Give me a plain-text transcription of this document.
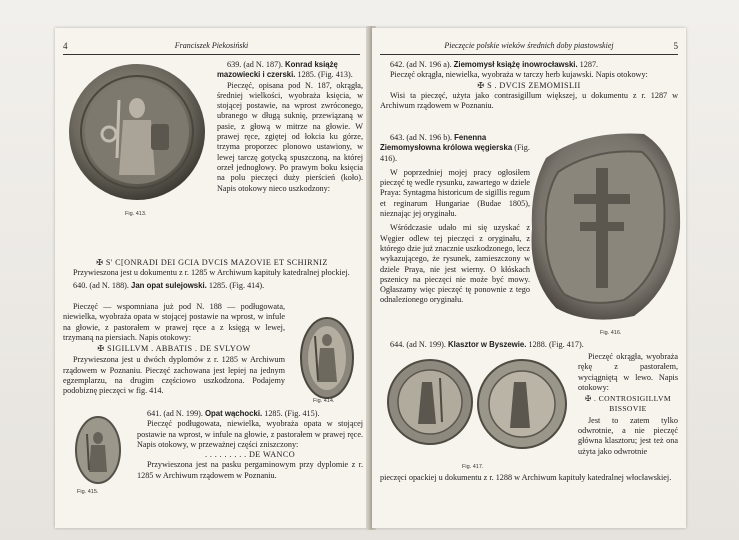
4	Franciszek Piekosiński
Fig. 413.

639. (ad N. 187). Konrad książę mazowiecki i czerski. 1285. (Fig. 413).

Pieczęć, opisana pod N. 187, okrągła, średniej wielkości, wyobraża księcia, w stojącej postawie, na wprost zwróconego, ubranego w długą suknię, przewiązaną w pasie, z głową w mitrze na głowie. W prawej ręce, zgiętej od łokcia ku górze, trzyma proporzec plonowo ustawiony, w lewej tarczę gotycką spuszczoną, na której orzeł jednogłowy. Po prawym boku księcia na polu pieczęci duży pierścień (koło). Napis otokowy nieco uszkodzony:

✠ S' C[ONRADI DEI GCIA DVCIS MAZOVIE ET SCHIRNIZ

Przywieszona jest u dokumentu z r. 1285 w Archiwum kapituły katedralnej płockiej.

640. (ad N. 188). Jan opat sulejowski. 1285. (Fig. 414).

Pieczęć — wspomniana już pod N. 188 — podługowata, niewielka, wyobraża opata w stojącej postawie na wprost, w infule na głowie, z pastorałem w prawej ręce a z księgą w lewej, trzymaną na piersiach. Napis otokowy:

✠ SIGILLVM . ABBATIS . DE SVLYOW

Przywieszona jest u dwóch dyplomów z r. 1285 w Archiwum rządowem w Poznaniu. Pieczęć zachowana jest lepiej na jednym egzemplarzu, na drugim częściowo uszkodzona. Podajemy podobiznę pieczęci w fig. 414.

Fig. 414.
Fig. 415.

641. (ad N. 199). Opat wąchocki. 1285. (Fig. 415).

Pieczęć podługowata, niewielka, wyobraża opata w stojącej postawie na wprost, w infule na głowie, z pastorałem w prawej ręce. Napis otokowy, w przeważnej części zniszczony:

. . . . . . . . . DE WANCO

Przywieszona jest na pasku pergaminowym przy dyplomie z r. 1285 w Archiwum rządowem w Poznaniu.

Pieczęcie polskie wieków średnich doby piastowskiej	5

642. (ad N. 196 a). Ziemomysł książę inowrocławski. 1287.

Pieczęć okrągła, niewielka, wyobraża w tarczy herb kujawski. Napis otokowy:

✠ S . DVCIS ZEMOMISLII

Wisi ta pieczęć, użyta jako contrasigillum większej, u dokumentu z r. 1287 w Archiwum rządowem w Poznaniu.

643. (ad N. 196 b). Fenenna Ziemomysłowna królowa węgierska (Fig. 416).

W poprzedniej mojej pracy ogłosiłem pieczęć tę wedle rysunku, zawartego w dziele Praya: Syntagma historicum de sigillis regum et reginarum Hungariae (Budae 1805), nieznając jej oryginału.

Wśródczasie udało mi się uzyskać z Węgier odlew tej pieczęci z oryginału, z którego dzie już znacznie uszkodzonego, lecz wykazującego, że rysunek, zamieszczony w dziele Praya, nie jest wierny. O kłóskach pszenicy na pieczęci nie może być mowy. Ogłaszamy więc pieczęć tę ponownie z tego odnalezionego oryginału.

Fig. 416.

644. (ad N. 199). Klasztor w Byszewie. 1288. (Fig. 417).

Fig. 417.

Pieczęć okrągła, wyobraża rękę z pastorałem, wyciągniętą w lewo. Napis otokowy:

✠ . CONTROSIGILLVM BISSOVIE

Jest to zatem tylko odwrotnie, a nie pieczęć główna klasztoru; jest też ona użyta jako odwrotnie

pieczęci opackiej u dokumentu z r. 1288 w Archiwum kapituły katedralnej włocławskiej.
